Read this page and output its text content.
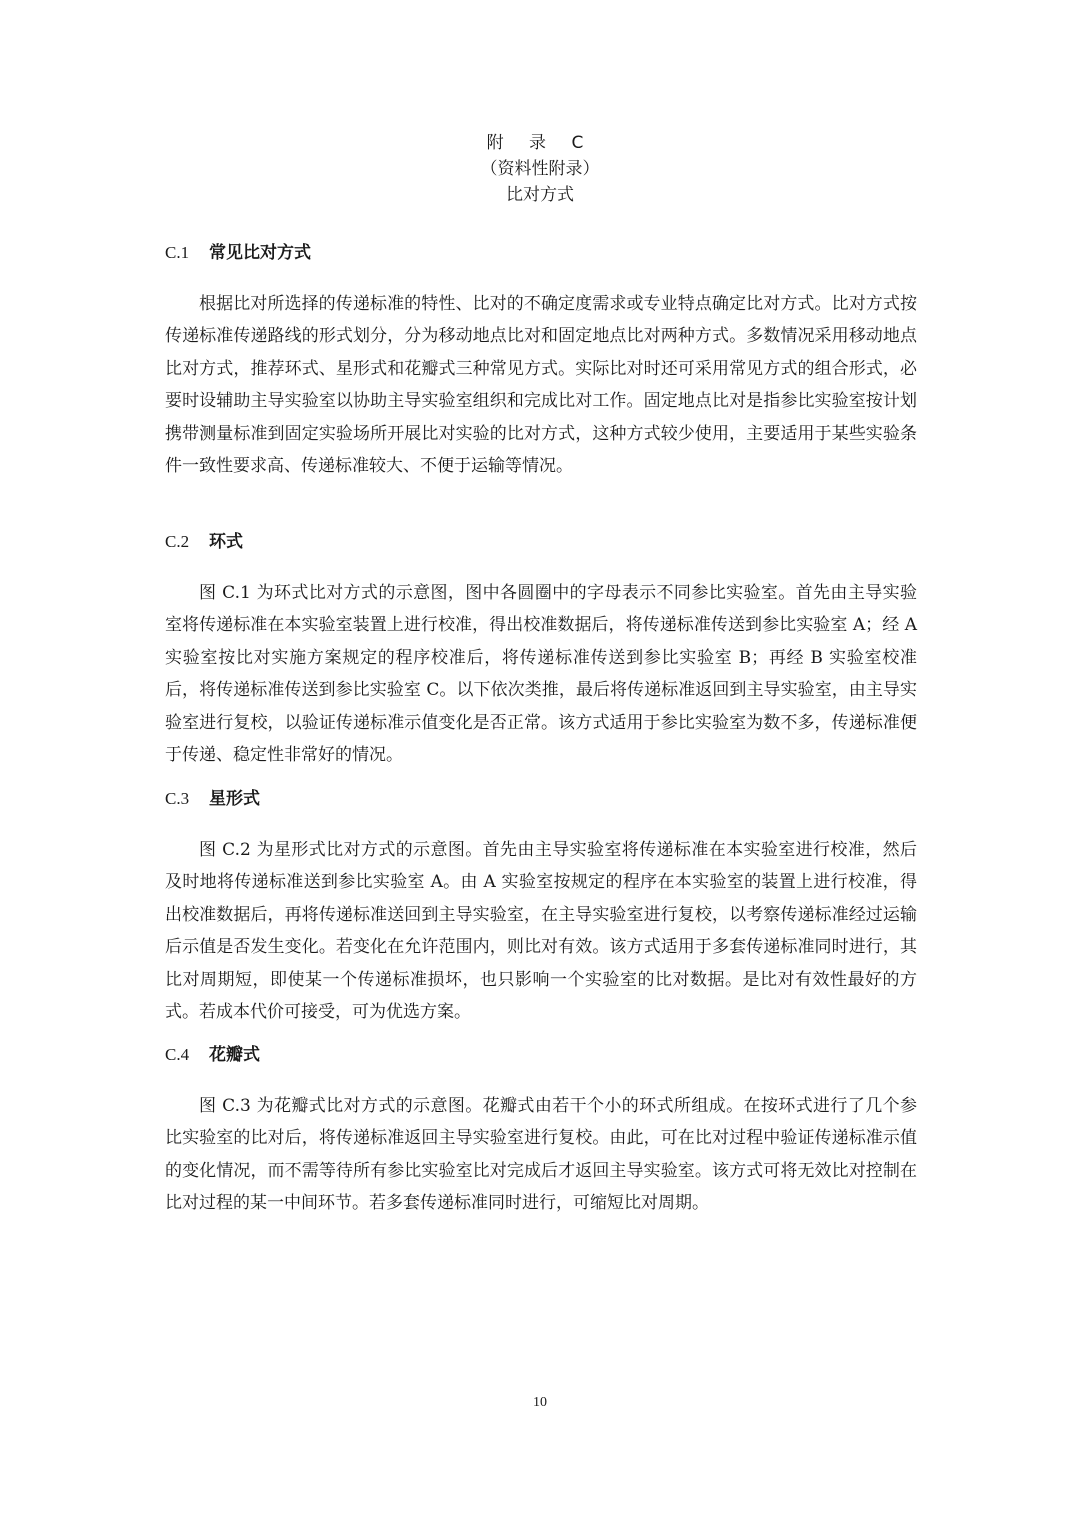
附 录 C
（资料性附录）
比对方式
C.1 常见比对方式
根据比对所选择的传递标准的特性、比对的不确定度需求或专业特点确定比对方式。比对方式按传递标准传递路线的形式划分，分为移动地点比对和固定地点比对两种方式。多数情况采用移动地点比对方式，推荐环式、星形式和花瓣式三种常见方式。实际比对时还可采用常见方式的组合形式，必要时设辅助主导实验室以协助主导实验室组织和完成比对工作。固定地点比对是指参比实验室按计划携带测量标准到固定实验场所开展比对实验的比对方式，这种方式较少使用，主要适用于某些实验条件一致性要求高、传递标准较大、不便于运输等情况。
C.2 环式
图 C.1 为环式比对方式的示意图，图中各圆圈中的字母表示不同参比实验室。首先由主导实验室将传递标准在本实验室装置上进行校准，得出校准数据后，将传递标准传送到参比实验室 A；经 A 实验室按比对实施方案规定的程序校准后，将传递标准传送到参比实验室 B；再经 B 实验室校准后，将传递标准传送到参比实验室 C。以下依次类推，最后将传递标准返回到主导实验室，由主导实验室进行复校，以验证传递标准示值变化是否正常。该方式适用于参比实验室为数不多，传递标准便于传递、稳定性非常好的情况。
C.3 星形式
图 C.2 为星形式比对方式的示意图。首先由主导实验室将传递标准在本实验室进行校准，然后及时地将传递标准送到参比实验室 A。由 A 实验室按规定的程序在本实验室的装置上进行校准，得出校准数据后，再将传递标准送回到主导实验室，在主导实验室进行复校，以考察传递标准经过运输后示值是否发生变化。若变化在允许范围内，则比对有效。该方式适用于多套传递标准同时进行，其比对周期短，即使某一个传递标准损坏，也只影响一个实验室的比对数据。是比对有效性最好的方式。若成本代价可接受，可为优选方案。
C.4 花瓣式
图 C.3 为花瓣式比对方式的示意图。花瓣式由若干个小的环式所组成。在按环式进行了几个参比实验室的比对后，将传递标准返回主导实验室进行复校。由此，可在比对过程中验证传递标准示值的变化情况，而不需等待所有参比实验室比对完成后才返回主导实验室。该方式可将无效比对控制在比对过程的某一中间环节。若多套传递标准同时进行，可缩短比对周期。
10
